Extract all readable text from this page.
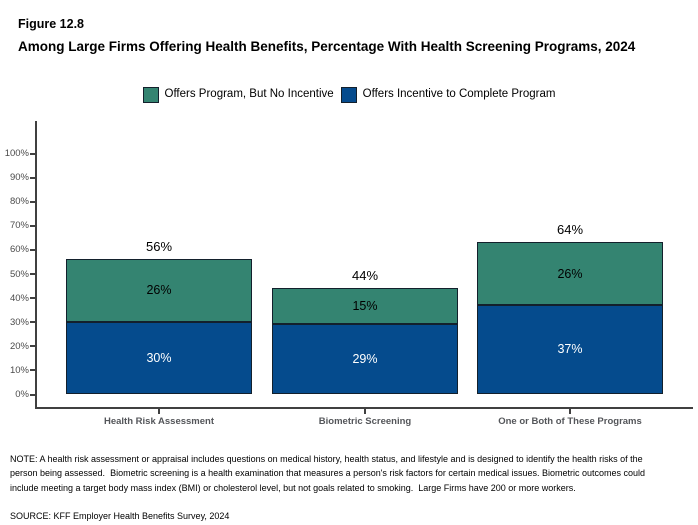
Figure 12.8
Among Large Firms Offering Health Benefits, Percentage With Health Screening Programs, 2024
Offers Program, But No Incentive	Offers Incentive to Complete Program
0%
10%
20%
30%
40%
50%
60%
70%
80%
90%
100%
30%
26%
56%
Health Risk Assessment
29%
15%
44%
Biometric Screening
37%
26%
64%
One or Both of These Programs
NOTE: A health risk assessment or appraisal includes questions on medical history, health status, and lifestyle and is designed to identify the health risks of the person being assessed.  Biometric screening is a health examination that measures a person's risk factors for certain medical issues. Biometric outcomes could include meeting a target body mass index (BMI) or cholesterol level, but not goals related to smoking.  Large Firms have 200 or more workers.
SOURCE: KFF Employer Health Benefits Survey, 2024
